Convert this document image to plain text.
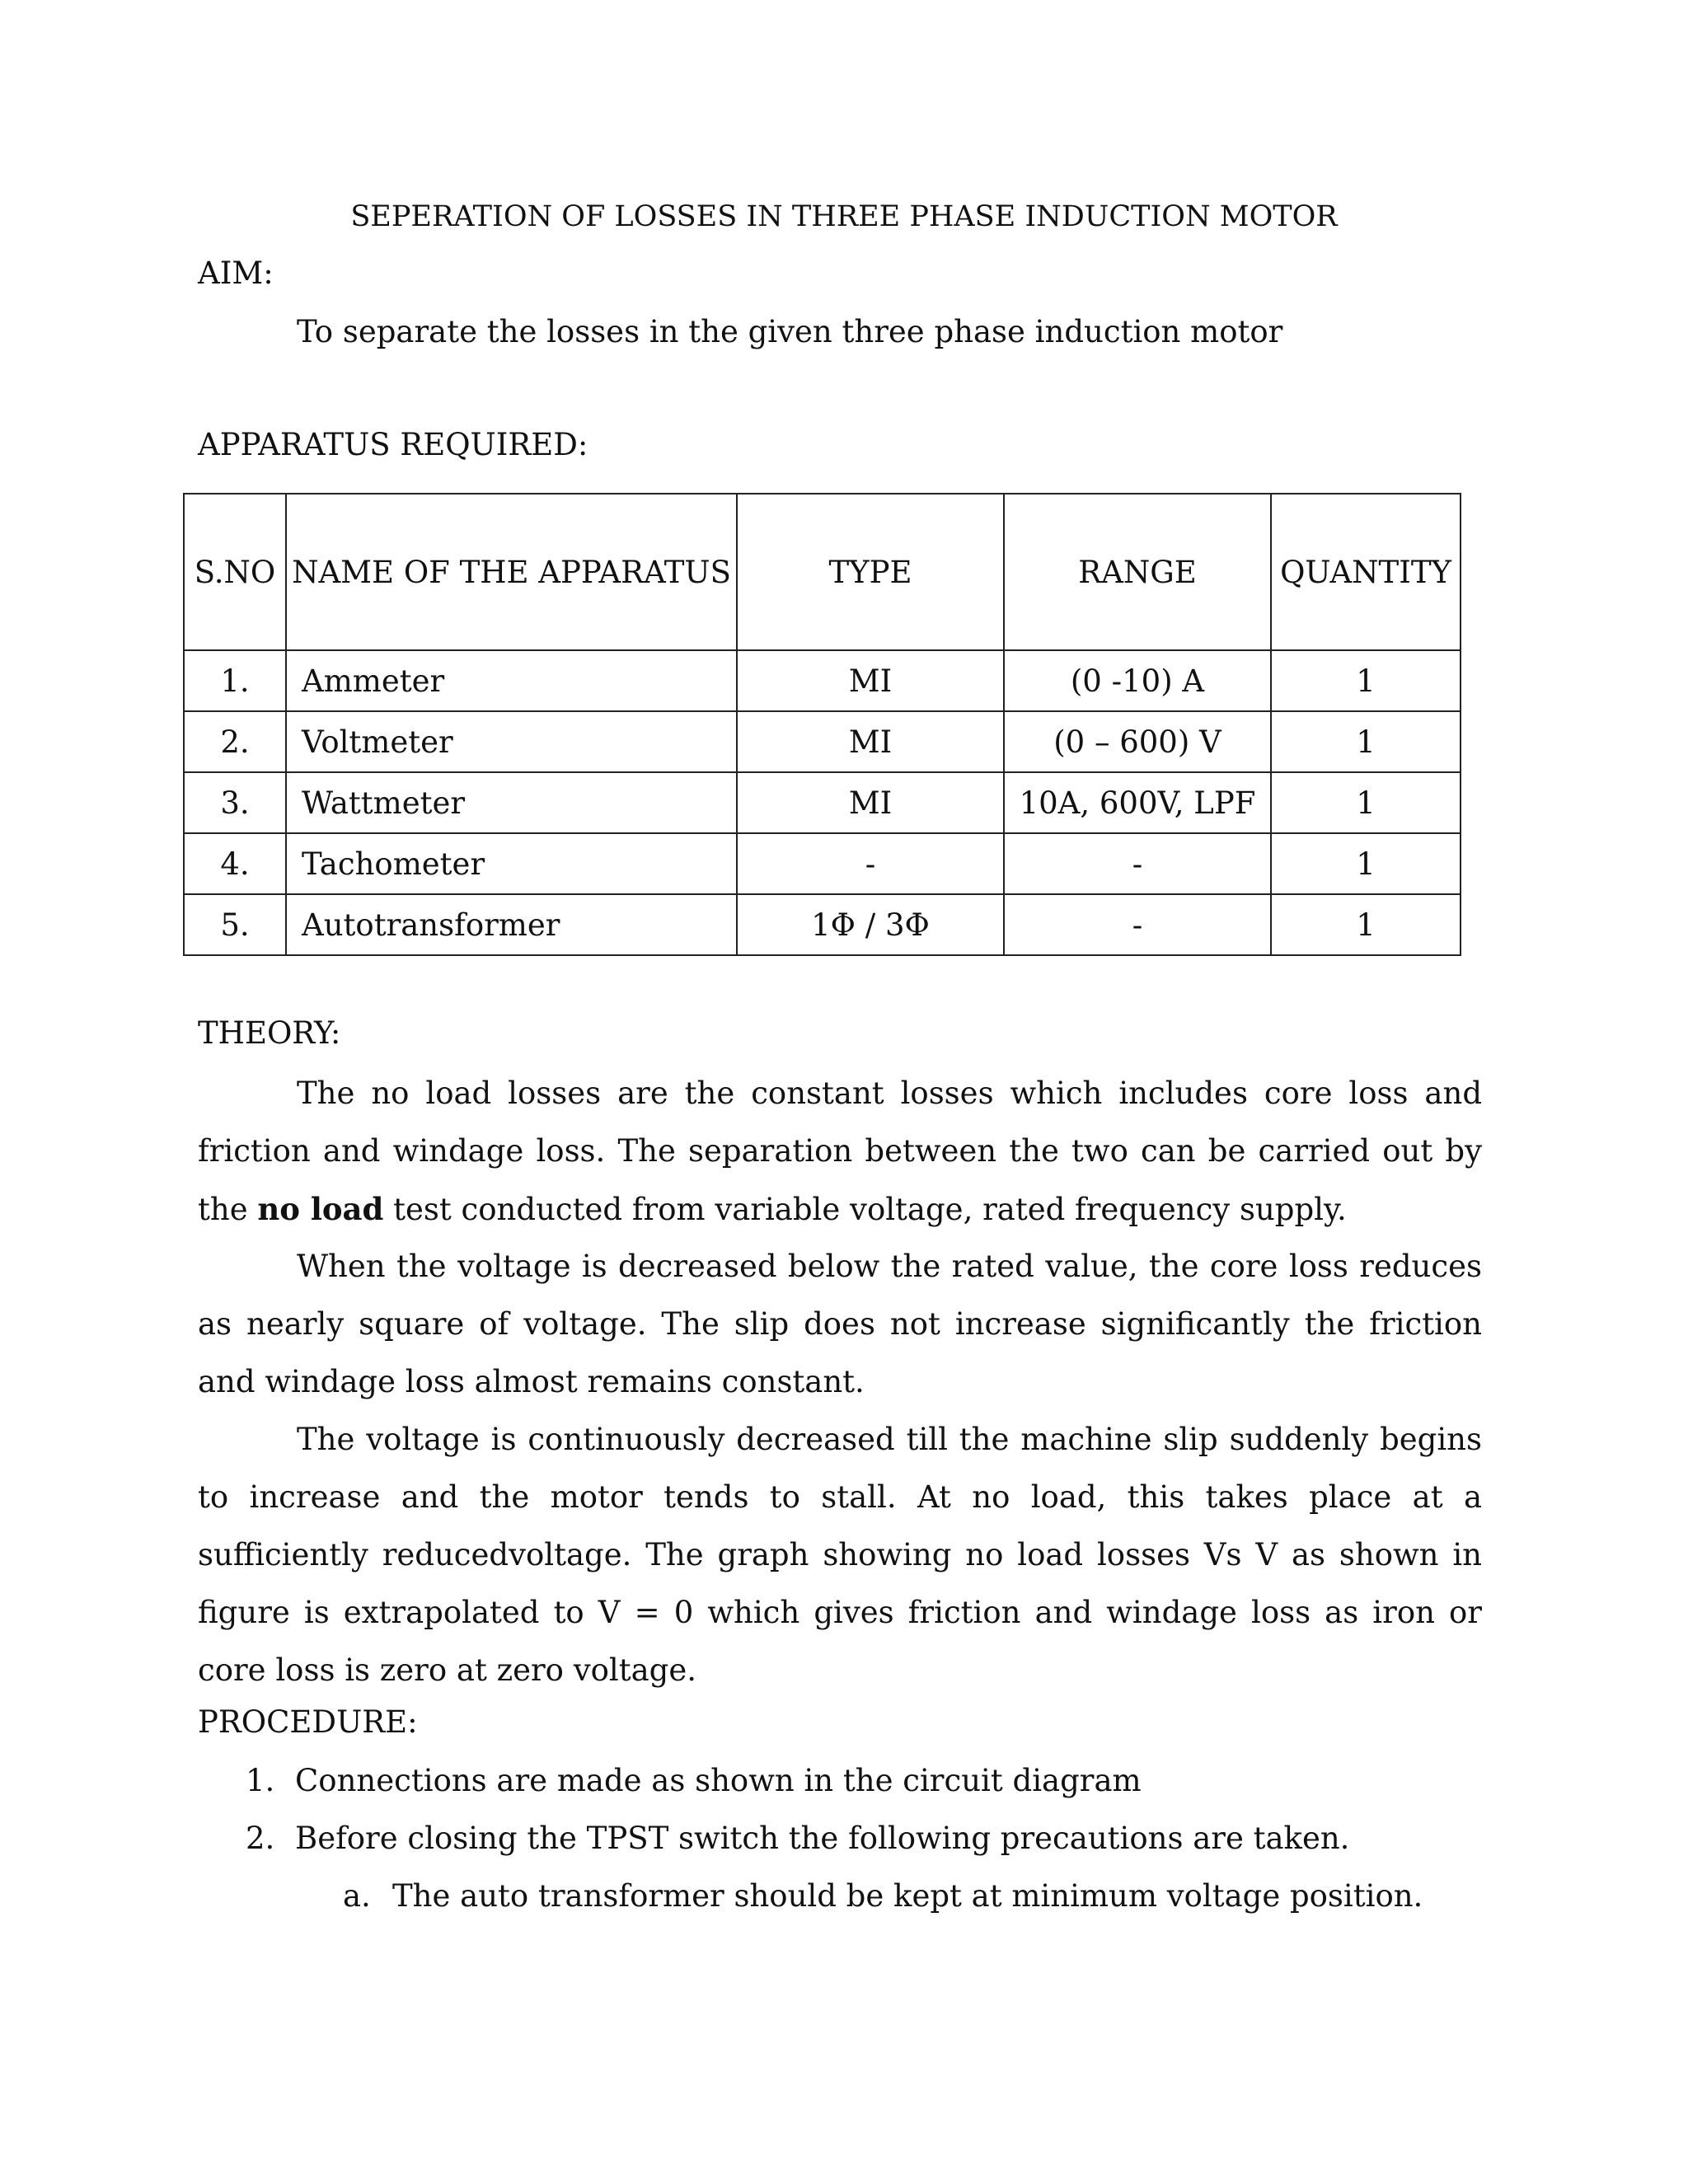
SEPERATION OF LOSSES IN THREE PHASE INDUCTION MOTOR
AIM:
To separate the losses in the given three phase induction motor
APPARATUS REQUIRED:
S.NO	NAME OF THE APPARATUS	TYPE	RANGE	QUANTITY
1.	Ammeter	MI	(0 -10) A	1
2.	Voltmeter	MI	(0 – 600) V	1
3.	Wattmeter	MI	10A, 600V, LPF	1
4.	Tachometer	-	-	1
5.	Autotransformer	1Φ / 3Φ	-	1
THEORY:
The no load losses are the constant losses which includes core loss and friction and windage loss. The separation between the two can be carried out by the no load test conducted from variable voltage, rated frequency supply.
When the voltage is decreased below the rated value, the core loss reduces as nearly square of voltage. The slip does not increase significantly the friction and windage loss almost remains constant.
The voltage is continuously decreased till the machine slip suddenly begins to increase and the motor tends to stall. At no load, this takes place at a sufficiently reducedvoltage. The graph showing no load losses Vs V as shown in figure is extrapolated to V = 0 which gives friction and windage loss as iron or core loss is zero at zero voltage.
PROCEDURE:
1. Connections are made as shown in the circuit diagram
2. Before closing the TPST switch the following precautions are taken.
a. The auto transformer should be kept at minimum voltage position.
